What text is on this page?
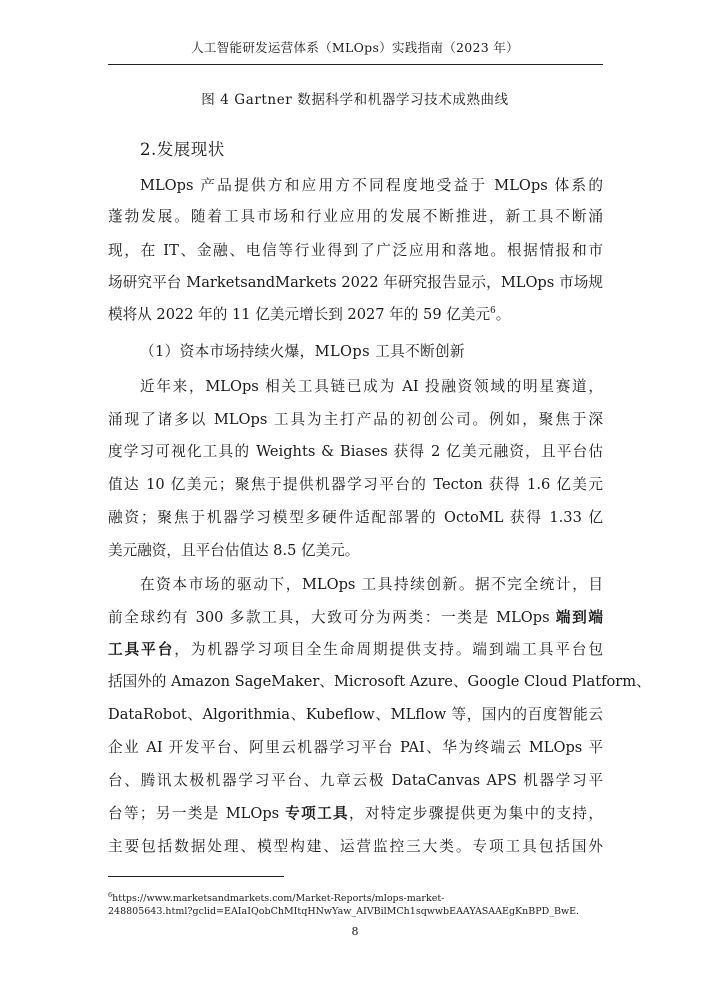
人工智能研发运营体系（MLOps）实践指南（2023 年）
图 4 Gartner 数据科学和机器学习技术成熟曲线
2.发展现状
MLOps 产品提供方和应用方不同程度地受益于 MLOps 体系的
蓬勃发展。随着工具市场和行业应用的发展不断推进，新工具不断涌
现，在 IT、金融、电信等行业得到了广泛应用和落地。根据情报和市
场研究平台 MarketsandMarkets 2022 年研究报告显示，MLOps 市场规
模将从 2022 年的 11 亿美元增长到 2027 年的 59 亿美元$^6$。
（1）资本市场持续火爆，MLOps 工具不断创新
近年来，MLOps 相关工具链已成为 AI 投融资领域的明星赛道，
涌现了诸多以 MLOps 工具为主打产品的初创公司。例如，聚焦于深
度学习可视化工具的 Weights & Biases 获得 2 亿美元融资，且平台估
值达 10 亿美元；聚焦于提供机器学习平台的 Tecton 获得 1.6 亿美元
融资；聚焦于机器学习模型多硬件适配部署的 OctoML 获得 1.33 亿
美元融资，且平台估值达 8.5 亿美元。
在资本市场的驱动下，MLOps 工具持续创新。据不完全统计，目
前全球约有 300 多款工具，大致可分为两类：一类是 MLOps 端到端
工具平台，为机器学习项目全生命周期提供支持。端到端工具平台包
括国外的 Amazon SageMaker、Microsoft Azure、Google Cloud Platform、
DataRobot、Algorithmia、Kubeflow、MLflow 等，国内的百度智能云
企业 AI 开发平台、阿里云机器学习平台 PAI、华为终端云 MLOps 平
台、腾讯太极机器学习平台、九章云极 DataCanvas APS 机器学习平
台等；另一类是 MLOps 专项工具，对特定步骤提供更为集中的支持，
主要包括数据处理、模型构建、运营监控三大类。专项工具包括国外
$^6$https://www.marketsandmarkets.com/Market-Reports/mlops-market-
248805643.html?gclid=EAIaIQobChMItqHNwYaw_AIVBilMCh1sqwwbEAAYASAAEgKnBPD_BwE.
8
